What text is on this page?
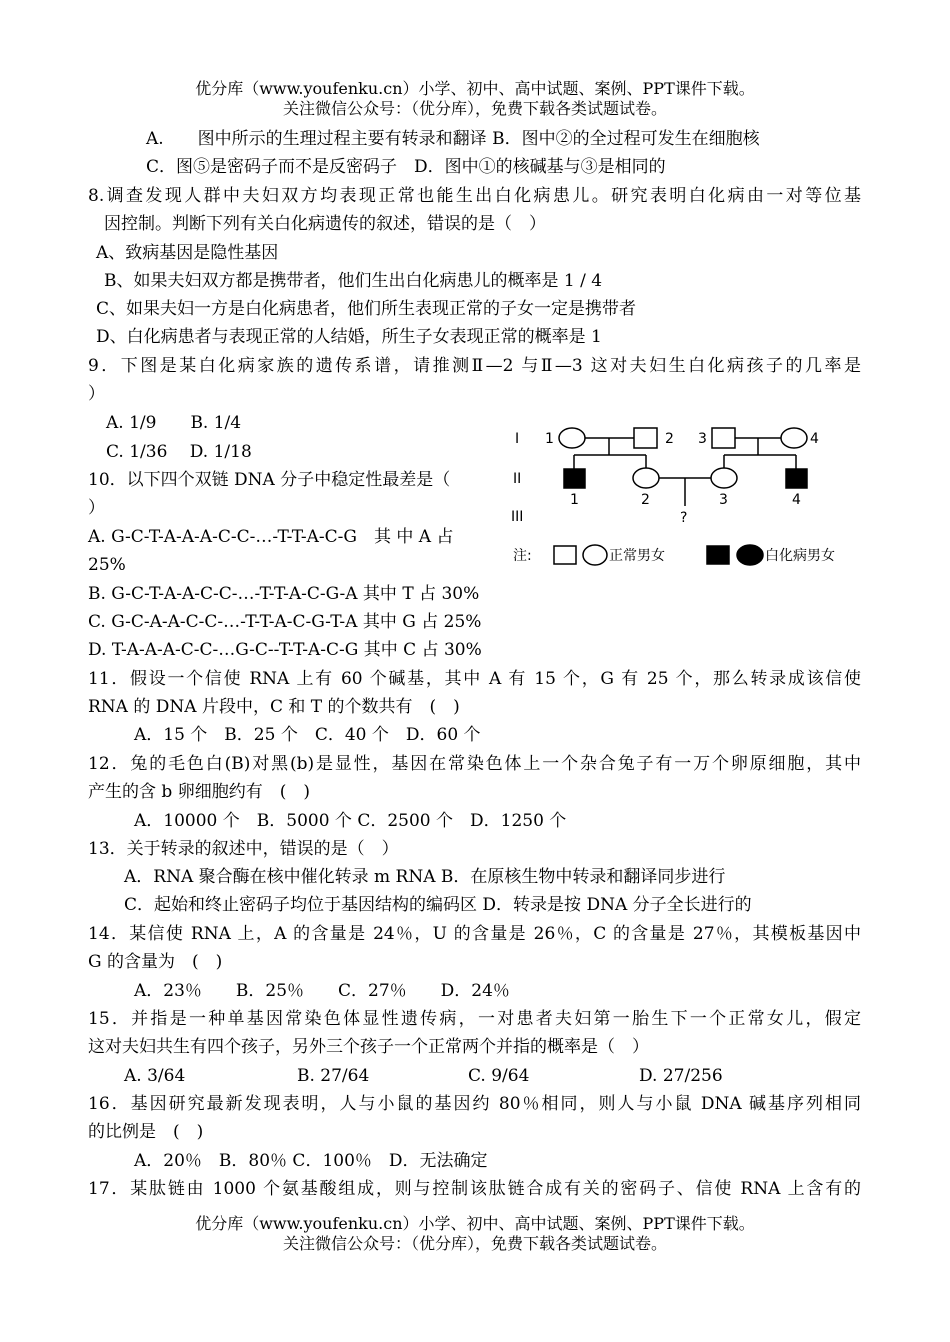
优分库（www.youfenku.cn）小学、初中、高中试题、案例、PPT课件下载。
关注微信公众号：（优分库），免费下载各类试题试卷。
A.　　图中所示的生理过程主要有转录和翻译 B．图中②的全过程可发生在细胞核
C．图⑤是密码子而不是反密码子　D．图中①的核碱基与③是相同的
8.调查发现人群中夫妇双方均表现正常也能生出白化病患儿。研究表明白化病由一对等位基
因控制。判断下列有关白化病遗传的叙述，错误的是（　）
A、致病基因是隐性基因
B、如果夫妇双方都是携带者，他们生出白化病患儿的概率是 1 / 4
C、如果夫妇一方是白化病患者，他们所生表现正常的子女一定是携带者
D、白化病患者与表现正常的人结婚，所生子女表现正常的概率是 1
9．下图是某白化病家族的遗传系谱，请推测Ⅱ—2 与Ⅱ—3 这对夫妇生白化病孩子的几率是
）
A. 1/9　　B. 1/4
C. 1/36　 D. 1/18
10．以下四个双链 DNA 分子中稳定性最差是（
）
A. G-C-T-A-A-A-C-C-…-T-T-A-C-G　其 中 A 占
25%
B. G-C-T-A-A-C-C-…-T-T-A-C-G-A 其中 T 占 30%
C. G-C-A-A-C-C-…-T-T-A-C-G-T-A 其中 G 占 25%
D. T-A-A-A-C-C-…G-C--T-T-A-C-G 其中 C 占 30%
I 1	2 3	4
II
1	2	3	4
III	?
注:	正常男女	白化病男女
11．假设一个信使 RNA 上有 60 个碱基，其中 A 有 15 个，G 有 25 个，那么转录成该信使
RNA 的 DNA 片段中，C 和 T 的个数共有　(　)
A．15 个　B．25 个　C．40 个　D．60 个
12．兔的毛色白(B)对黑(b)是显性，基因在常染色体上一个杂合兔子有一万个卵原细胞，其中
产生的含 b 卵细胞约有　(　)
A．10000 个　B．5000 个 C．2500 个　D．1250 个
13．关于转录的叙述中，错误的是（　）
A．RNA 聚合酶在核中催化转录 m RNA B．在原核生物中转录和翻译同步进行
C．起始和终止密码子均位于基因结构的编码区 D．转录是按 DNA 分子全长进行的
14．某信使 RNA 上，A 的含量是 24％，U 的含量是 26％，C 的含量是 27％，其模板基因中
G 的含量为　(　)
A．23％　　B．25％　　C．27％　　D．24％
15．并指是一种单基因常染色体显性遗传病，一对患者夫妇第一胎生下一个正常女儿，假定
这对夫妇共生有四个孩子，另外三个孩子一个正常两个并指的概率是（　）
A. 3/64	B. 27/64	C. 9/64	D. 27/256
16．基因研究最新发现表明，人与小鼠的基因约 80％相同，则人与小鼠 DNA 碱基序列相同
的比例是　(　)
A．20％　B．80％ C．100％　D．无法确定
17．某肽链由 1000 个氨基酸组成，则与控制该肽链合成有关的密码子、信使 RNA 上含有的
优分库（www.youfenku.cn）小学、初中、高中试题、案例、PPT课件下载。
关注微信公众号：（优分库），免费下载各类试题试卷。
